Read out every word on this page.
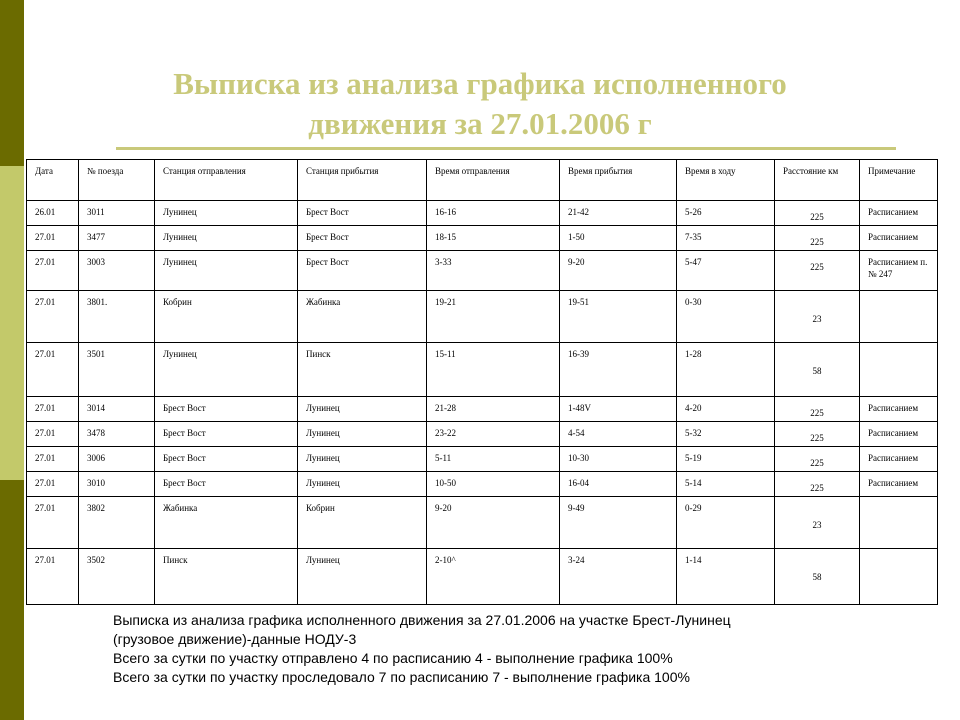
Выписка из анализа графика исполненного
движения за 27.01.2006 г
Дата	№ поезда	Станция отправления	Станция прибытия	Время отправления	Время прибытия	Время в ходу	Расстояние км	Примечание
26.01	3011	Лунинец	Брест Вост	16-16	21-42	5-26	225	Расписанием
27.01	3477	Лунинец	Брест Вост	18-15	1-50	7-35	225	Расписанием
27.01	3003	Лунинец	Брест Вост	3-33	9-20	5-47	225	Расписанием п.№ 247
27.01	3801.	Кобрин	Жабинка	19-21	19-51	0-30	23	

27.01	3501	Лунинец	Пинск	15-11	16-39	1-28	58	

27.01	3014	Брест Вост	Лунинец	21-28	1-48V	4-20	225	Расписанием
27.01	3478	Брест Вост	Лунинец	23-22	4-54	5-32	225	Расписанием
27.01	3006	Брест Вост	Лунинец	5-11	10-30	5-19	225	Расписанием
27.01	3010	Брест Вост	Лунинец	10-50	16-04	5-14	225	Расписанием
27.01	3802	Жабинка	Кобрин	9-20	9-49	0-29	23	

27.01	3502	Пинск	Лунинец	2-10^	3-24	1-14	58	

Выписка из анализа графика исполненного движения за 27.01.2006 на участке Брест-Лунинец

(грузовое движение)-данные НОДУ-3

Всего за сутки по участку отправлено 4 по расписанию 4 - выполнение графика 100%

Всего за сутки по участку проследовало 7 по расписанию 7 - выполнение графика 100%
